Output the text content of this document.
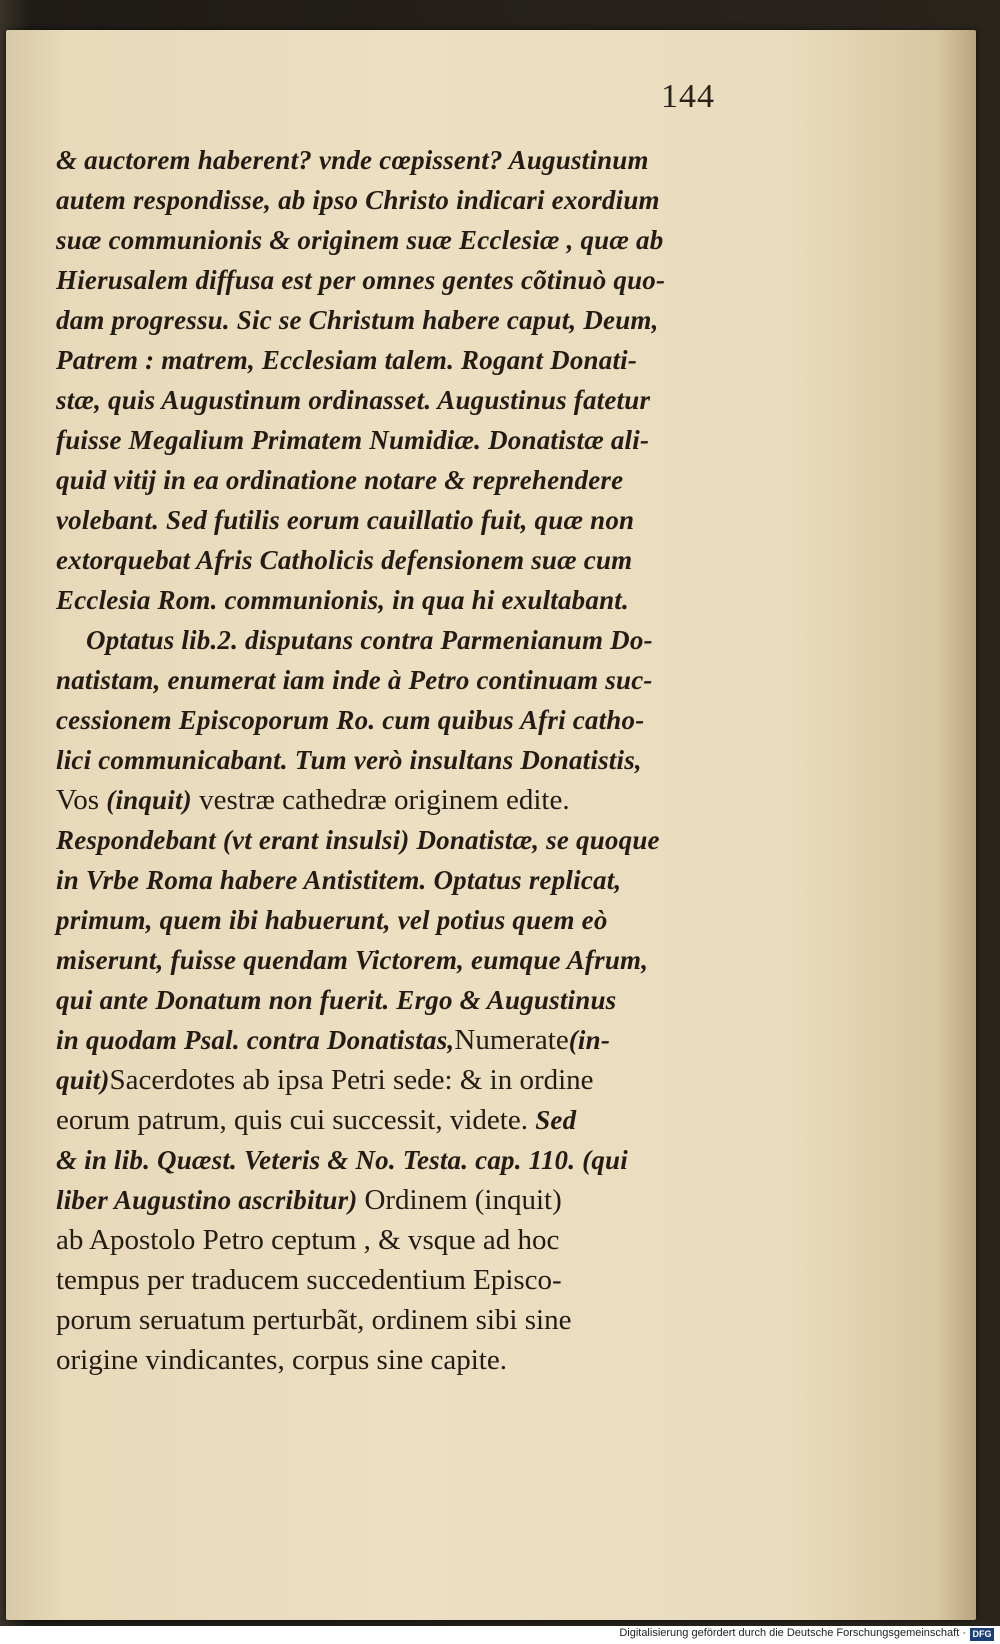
144
& auctorem haberent? vnde cœpissent? Augustinum
autem respondisse, ab ipso Christo indicari exordium
suæ communionis & originem suæ Ecclesiæ , quæ ab
Hierusalem diffusa est per omnes gentes cõtinuò quo-
dam progressu. Sic se Christum habere caput, Deum,
Patrem : matrem, Ecclesiam talem. Rogant Donati-
stæ, quis Augustinum ordinasset. Augustinus fatetur
fuisse Megalium Primatem Numidiæ. Donatistæ ali-
quid vitij in ea ordinatione notare & reprehendere
volebant. Sed futilis eorum cauillatio fuit, quæ non
extorquebat Afris Catholicis defensionem suæ cum
Ecclesia Rom. communionis, in qua hi exultabant.
Optatus lib.2. disputans contra Parmenianum Do-
natistam, enumerat iam inde à Petro continuam suc-
cessionem Episcoporum Ro. cum quibus Afri catho-
lici communicabant. Tum verò insultans Donatistis,
Vos (inquit) vestræ cathedræ originem edite.
Respondebant (vt erant insulsi) Donatistæ, se quoque
in Vrbe Roma habere Antistitem. Optatus replicat,
primum, quem ibi habuerunt, vel potius quem eò
miserunt, fuisse quendam Victorem, eumque Afrum,
qui ante Donatum non fuerit. Ergo & Augustinus
in quodam Psal. contra Donatistas,Numerate(in-
quit)Sacerdotes ab ipsa Petri sede: & in ordine
eorum patrum, quis cui successit, videte. Sed
& in lib. Quæst. Veteris & No. Testa. cap. 110. (qui
liber Augustino ascribitur) Ordinem (inquit)
ab Apostolo Petro ceptum , & vsque ad hoc
tempus per traducem succedentium Episco-
porum seruatum perturbãt, ordinem sibi sine
origine vindicantes, corpus sine capite.
Digitalisierung gefördert durch die Deutsche Forschungsgemeinschaft · DFG
